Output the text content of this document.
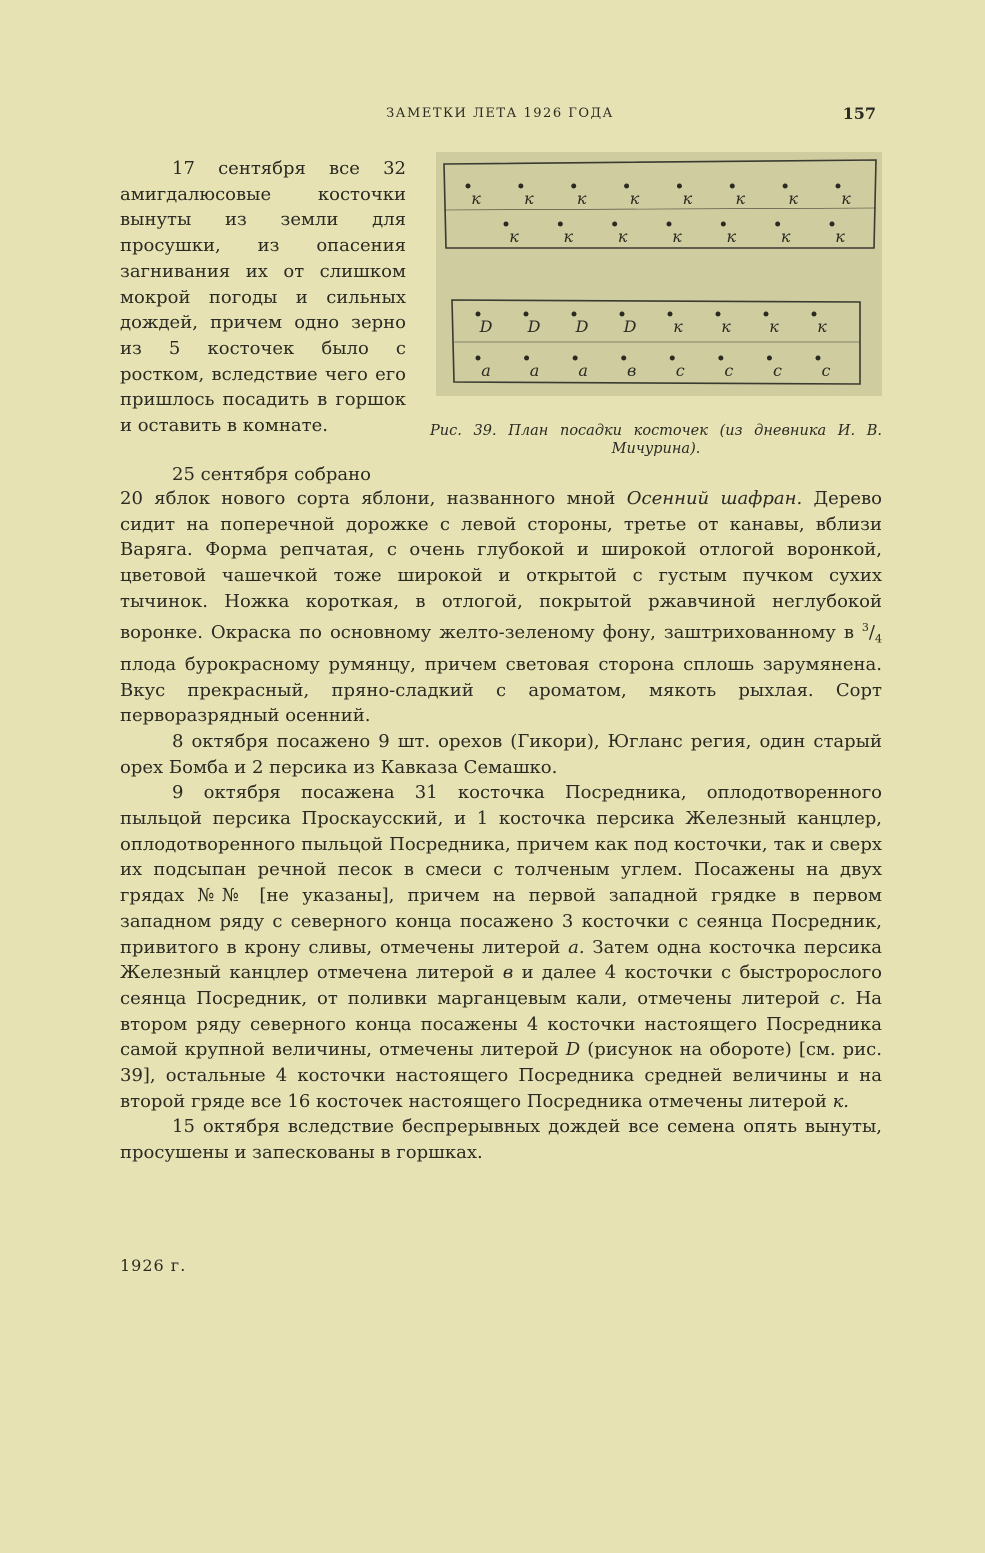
ЗАМЕТКИ ЛЕТА 1926 ГОДА	157
17 сентября все 32 амигдалюсовые косточки вынуты из земли для просушки, из опасения загнивания их от слишком мокрой погоды и сильных дождей, причем одно зерно из 5 косточек было с ростком, вследствие чего его пришлось посадить в горшок и оставить в комнате.
к	к	к	к	к	к	к	к
к	к	к	к	к	к	к
D D D D к к к к
а а а в с с с с
Рис. 39. План посадки косточек (из дневника И. В. Мичурина).
25 сентября собрано

20 яблок нового сорта яблони, названного мной Осенний шафран. Дерево сидит на поперечной дорожке с левой стороны, третье от канавы, вблизи Варяга. Форма репчатая, с очень глубокой и широкой отлогой воронкой, цветовой чашечкой тоже широкой и открытой с густым пучком сухих тычинок. Ножка короткая, в отлогой, покрытой ржавчиной неглубокой воронке. Окраска по основному желто-зеленому фону, заштрихованному в $^3/_4$ плода бурокрасному румянцу, причем световая сторона сплошь зарумянена. Вкус прекрасный, пряно-сладкий с ароматом, мякоть рыхлая. Сорт перворазрядный осенний.

8 октября посажено 9 шт. орехов (Гикори), Югланс регия, один старый орех Бомба и 2 персика из Кавказа Семашко.

9 октября посажена 31 косточка Посредника, оплодотворенного пыльцой персика Проскаусский, и 1 косточка персика Железный канцлер, оплодотворенного пыльцой Посредника, причем как под косточки, так и сверх их подсыпан речной песок в смеси с толченым углем. Посажены на двух грядах №№ [не указаны], причем на первой западной грядке в первом западном ряду с северного конца посажено 3 косточки с сеянца Посредник, привитого в крону сливы, отмечены литерой а. Затем одна косточка персика Железный канцлер отмечена литерой в и далее 4 косточки с быстророслого сеянца Посредник, от поливки марганцевым кали, отмечены литерой с. На втором ряду северного конца посажены 4 косточки настоящего Посредника самой крупной величины, отмечены литерой D (рисунок на обороте) [см. рис. 39], остальные 4 косточки настоящего Посредника средней величины и на второй гряде все 16 косточек настоящего Посредника отмечены литерой к.

15 октября вследствие беспрерывных дождей все семена опять вынуты, просушены и запескованы в горшках.

1926 г.
